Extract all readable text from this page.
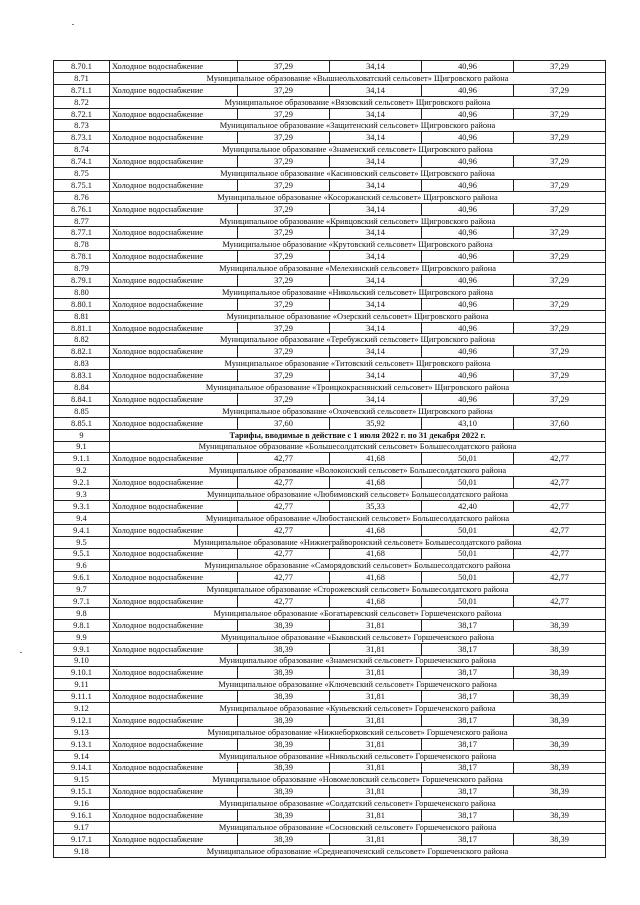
8.70.1	Холодное водоснабжение	37,29	34,14	40,96	37,29
8.71	Муниципальное образование «Вышнеольховатский сельсовет» Щигровского района				
8.71.1	Холодное водоснабжение	37,29	34,14	40,96	37,29
8.72	Муниципальное образование «Вязовский сельсовет» Щигровского района				
8.72.1	Холодное водоснабжение	37,29	34,14	40,96	37,29
8.73	Муниципальное образование «Защитенский сельсовет» Щигровского района				
8.73.1	Холодное водоснабжение	37,29	34,14	40,96	37,29
8.74	Муниципальное образование «Знаменский сельсовет» Щигровского района				
8.74.1	Холодное водоснабжение	37,29	34,14	40,96	37,29
8.75	Муниципальное образование «Касиновский сельсовет» Щигровского района				
8.75.1	Холодное водоснабжение	37,29	34,14	40,96	37,29
8.76	Муниципальное образование «Косоржанский сельсовет» Щигровского района				
8.76.1	Холодное водоснабжение	37,29	34,14	40,96	37,29
8.77	Муниципальное образование «Кривцовский сельсовет» Щигровского района				
8.77.1	Холодное водоснабжение	37,29	34,14	40,96	37,29
8.78	Муниципальное образование «Крутовский сельсовет» Щигровского района				
8.78.1	Холодное водоснабжение	37,29	34,14	40,96	37,29
8.79	Муниципальное образование «Мелехинский сельсовет» Щигровского района				
8.79.1	Холодное водоснабжение	37,29	34,14	40,96	37,29
8.80	Муниципальное образование «Никольский сельсовет» Щигровского района				
8.80.1	Холодное водоснабжение	37,29	34,14	40,96	37,29
8.81	Муниципальное образование «Озерский сельсовет» Щигровского района				
8.81.1	Холодное водоснабжение	37,29	34,14	40,96	37,29
8.82	Муниципальное образование «Теребужский сельсовет» Щигровского района				
8.82.1	Холодное водоснабжение	37,29	34,14	40,96	37,29
8.83	Муниципальное образование «Титовский сельсовет» Щигровского района				
8.83.1	Холодное водоснабжение	37,29	34,14	40,96	37,29
8.84	Муниципальное образование «Троицкокраснянский сельсовет» Щигровского района				
8.84.1	Холодное водоснабжение	37,29	34,14	40,96	37,29
8.85	Муниципальное образование «Охочевский сельсовет» Щигровского района				
8.85.1	Холодное водоснабжение	37,60	35,92	43,10	37,60
9	Тарифы, вводимые в действие с 1 июля 2022 г. по 31 декабря 2022 г.				
9.1	Муниципальное образование «Большесолдатский сельсовет» Большесолдатского района				
9.1.1	Холодное водоснабжение	42,77	41,68	50,01	42,77
9.2	Муниципальное образование «Волоконский сельсовет» Большесолдатского района				
9.2.1	Холодное водоснабжение	42,77	41,68	50,01	42,77
9.3	Муниципальное образование «Любимовский сельсовет» Большесолдатского района				
9.3.1	Холодное водоснабжение	42,77	35,33	42,40	42,77
9.4	Муниципальное образование «Любостанский сельсовет» Большесолдатского района				
9.4.1	Холодное водоснабжение	42,77	41,68	50,01	42,77
9.5	Муниципальное образование «Нижнеграйворонский сельсовет» Большесолдатского района				
9.5.1	Холодное водоснабжение	42,77	41,68	50,01	42,77
9.6	Муниципальное образование «Саморядовский сельсовет» Большесолдатского района				
9.6.1	Холодное водоснабжение	42,77	41,68	50,01	42,77
9.7	Муниципальное образование «Сторожевский сельсовет» Большесолдатского района				
9.7.1	Холодное водоснабжение	42,77	41,68	50,01	42,77
9.8	Муниципальное образование «Богатыревский сельсовет» Горшеченского района				
9.8.1	Холодное водоснабжение	38,39	31,81	38,17	38,39
9.9	Муниципальное образование «Быковский сельсовет» Горшеченского района				
9.9.1	Холодное водоснабжение	38,39	31,81	38,17	38,39
9.10	Муниципальное образование «Знаменский сельсовет» Горшеченского района				
9.10.1	Холодное водоснабжение	38,39	31,81	38,17	38,39
9.11	Муниципальное образование «Ключевский сельсовет» Горшеченского района				
9.11.1	Холодное водоснабжение	38,39	31,81	38,17	38,39
9.12	Муниципальное образование «Куньевский сельсовет» Горшеченского района				
9.12.1	Холодное водоснабжение	38,39	31,81	38,17	38,39
9.13	Муниципальное образование «Нижнеборковский сельсовет» Горшеченского района				
9.13.1	Холодное водоснабжение	38,39	31,81	38,17	38,39
9.14	Муниципальное образование «Никольский сельсовет» Горшеченского района				
9.14.1	Холодное водоснабжение	38,39	31,81	38,17	38,39
9.15	Муниципальное образование «Новомеловский сельсовет» Горшеченского района				
9.15.1	Холодное водоснабжение	38,39	31,81	38,17	38,39
9.16	Муниципальное образование «Солдатский сельсовет» Горшеченского района				
9.16.1	Холодное водоснабжение	38,39	31,81	38,17	38,39
9.17	Муниципальное образование «Сосновский сельсовет» Горшеченского района				
9.17.1	Холодное водоснабжение	38,39	31,81	38,17	38,39
9.18	Муниципальное образование «Среднеапоченский сельсовет» Горшеченского района				
